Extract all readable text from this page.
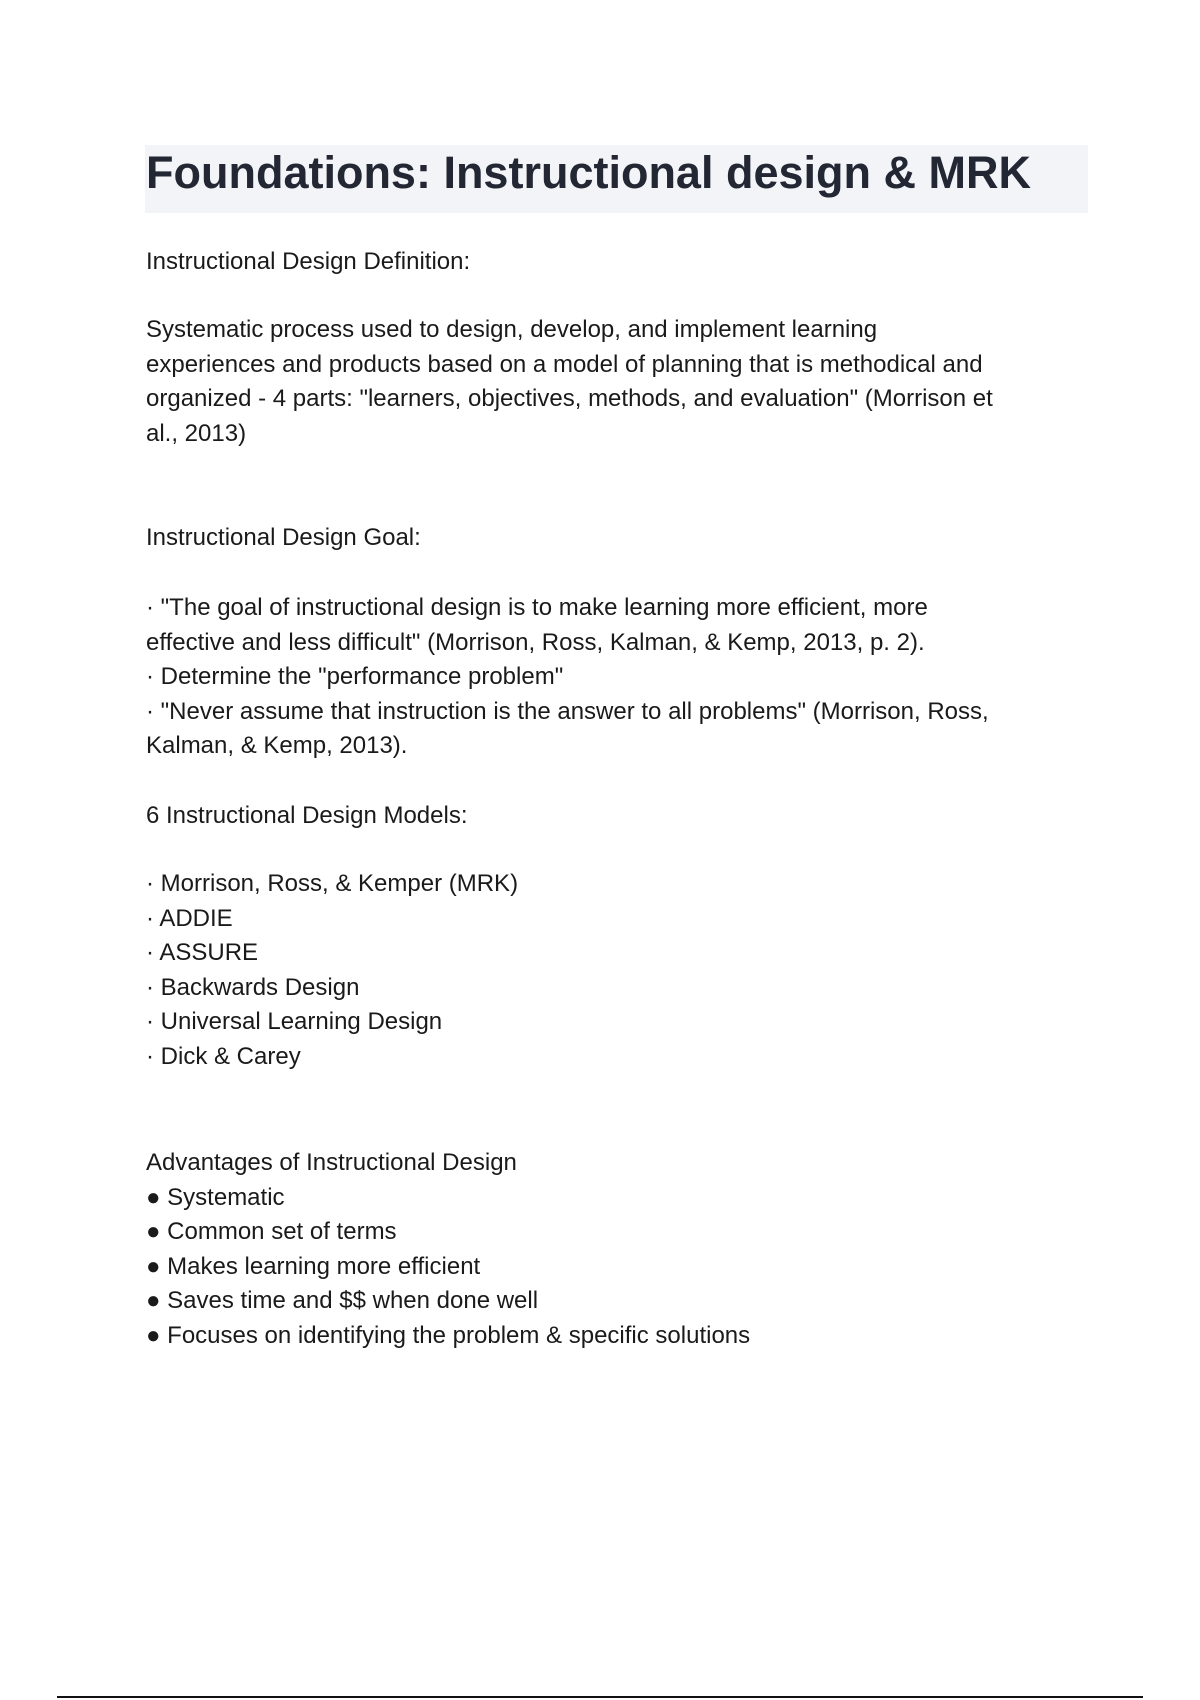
Foundations: Instructional design & MRK

Instructional Design Definition:

Systematic process used to design, develop, and implement learning
experiences and products based on a model of planning that is methodical and
organized - 4 parts: "learners, objectives, methods, and evaluation" (Morrison et
al., 2013)

Instructional Design Goal:

· "The goal of instructional design is to make learning more efficient, more
effective and less difficult" (Morrison, Ross, Kalman, & Kemp, 2013, p. 2).
· Determine the "performance problem"
· "Never assume that instruction is the answer to all problems" (Morrison, Ross,
Kalman, & Kemp, 2013).

6 Instructional Design Models:

· Morrison, Ross, & Kemper (MRK)
· ADDIE
· ASSURE
· Backwards Design
· Universal Learning Design
· Dick & Carey

Advantages of Instructional Design
● Systematic
● Common set of terms
● Makes learning more efficient
● Saves time and $$ when done well
● Focuses on identifying the problem & specific solutions
